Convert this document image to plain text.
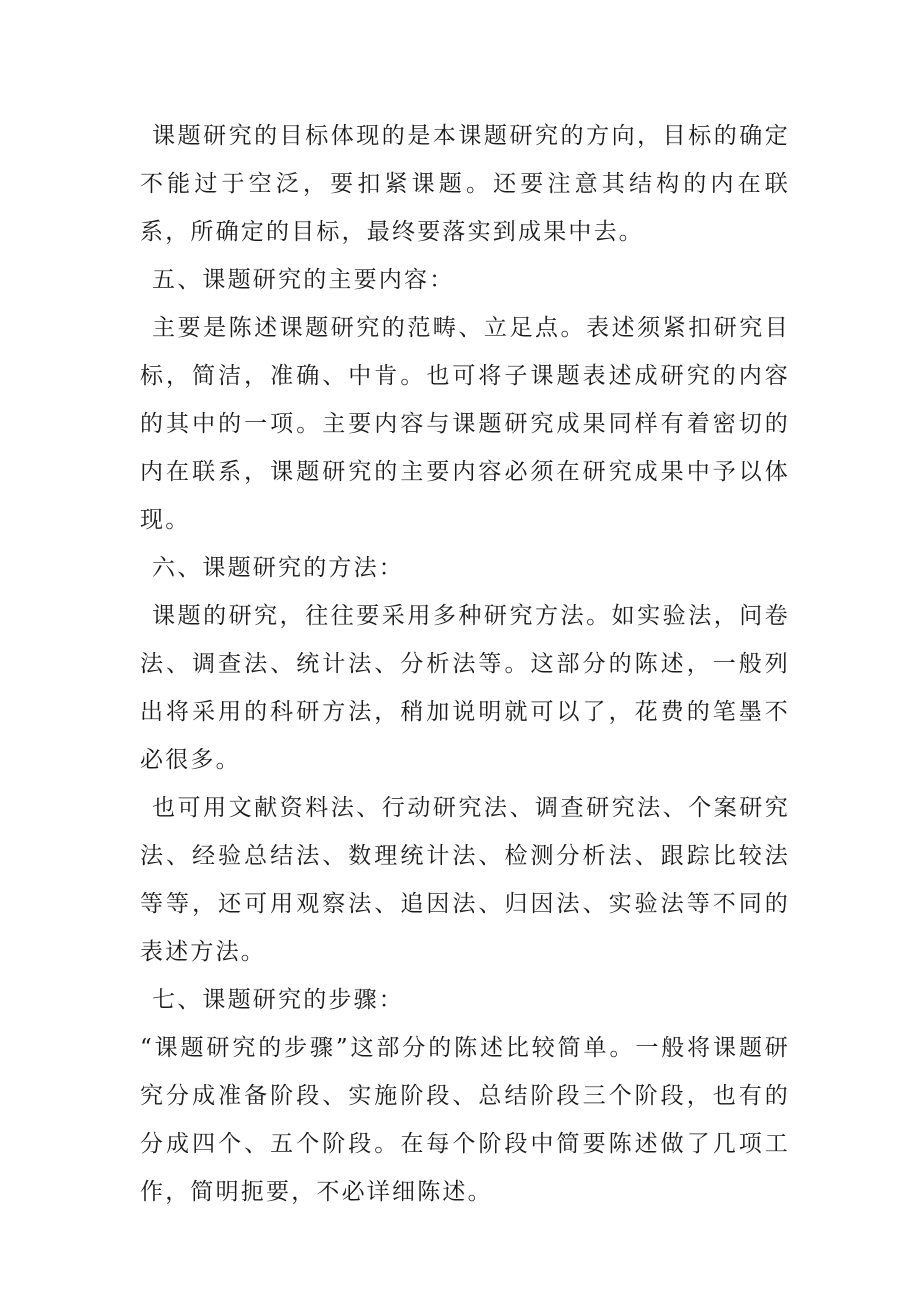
课题研究的目标体现的是本课题研究的方向，目标的确定不能过于空泛，要扣紧课题。还要注意其结构的内在联系，所确定的目标，最终要落实到成果中去。

五、课题研究的主要内容：

主要是陈述课题研究的范畴、立足点。表述须紧扣研究目标，简洁，准确、中肯。也可将子课题表述成研究的内容的其中的一项。主要内容与课题研究成果同样有着密切的内在联系，课题研究的主要内容必须在研究成果中予以体现。

六、课题研究的方法：

课题的研究，往往要采用多种研究方法。如实验法，问卷法、调查法、统计法、分析法等。这部分的陈述，一般列出将采用的科研方法，稍加说明就可以了，花费的笔墨不必很多。

也可用文献资料法、行动研究法、调查研究法、个案研究法、经验总结法、数理统计法、检测分析法、跟踪比较法等等，还可用观察法、追因法、归因法、实验法等不同的表述方法。

七、课题研究的步骤：

“课题研究的步骤”这部分的陈述比较简单。一般将课题研究分成准备阶段、实施阶段、总结阶段三个阶段，也有的分成四个、五个阶段。在每个阶段中简要陈述做了几项工作，简明扼要，不必详细陈述。
